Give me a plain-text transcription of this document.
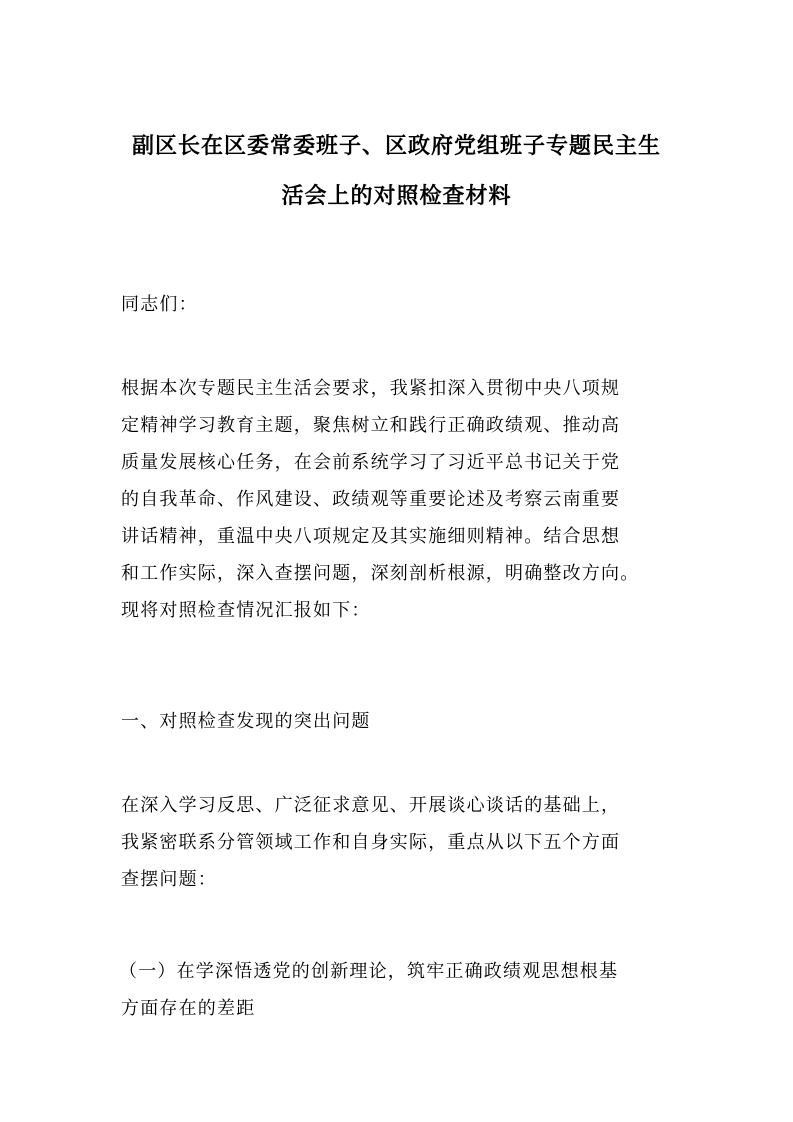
副区长在区委常委班子、区政府党组班子专题民主生
活会上的对照检查材料
同志们：
根据本次专题民主生活会要求，我紧扣深入贯彻中央八项规
定精神学习教育主题，聚焦树立和践行正确政绩观、推动高
质量发展核心任务，在会前系统学习了习近平总书记关于党
的自我革命、作风建设、政绩观等重要论述及考察云南重要
讲话精神，重温中央八项规定及其实施细则精神。结合思想
和工作实际，深入查摆问题，深刻剖析根源，明确整改方向。
现将对照检查情况汇报如下：
一、对照检查发现的突出问题
在深入学习反思、广泛征求意见、开展谈心谈话的基础上，
我紧密联系分管领域工作和自身实际，重点从以下五个方面
查摆问题：
（一）在学深悟透党的创新理论，筑牢正确政绩观思想根基
方面存在的差距
